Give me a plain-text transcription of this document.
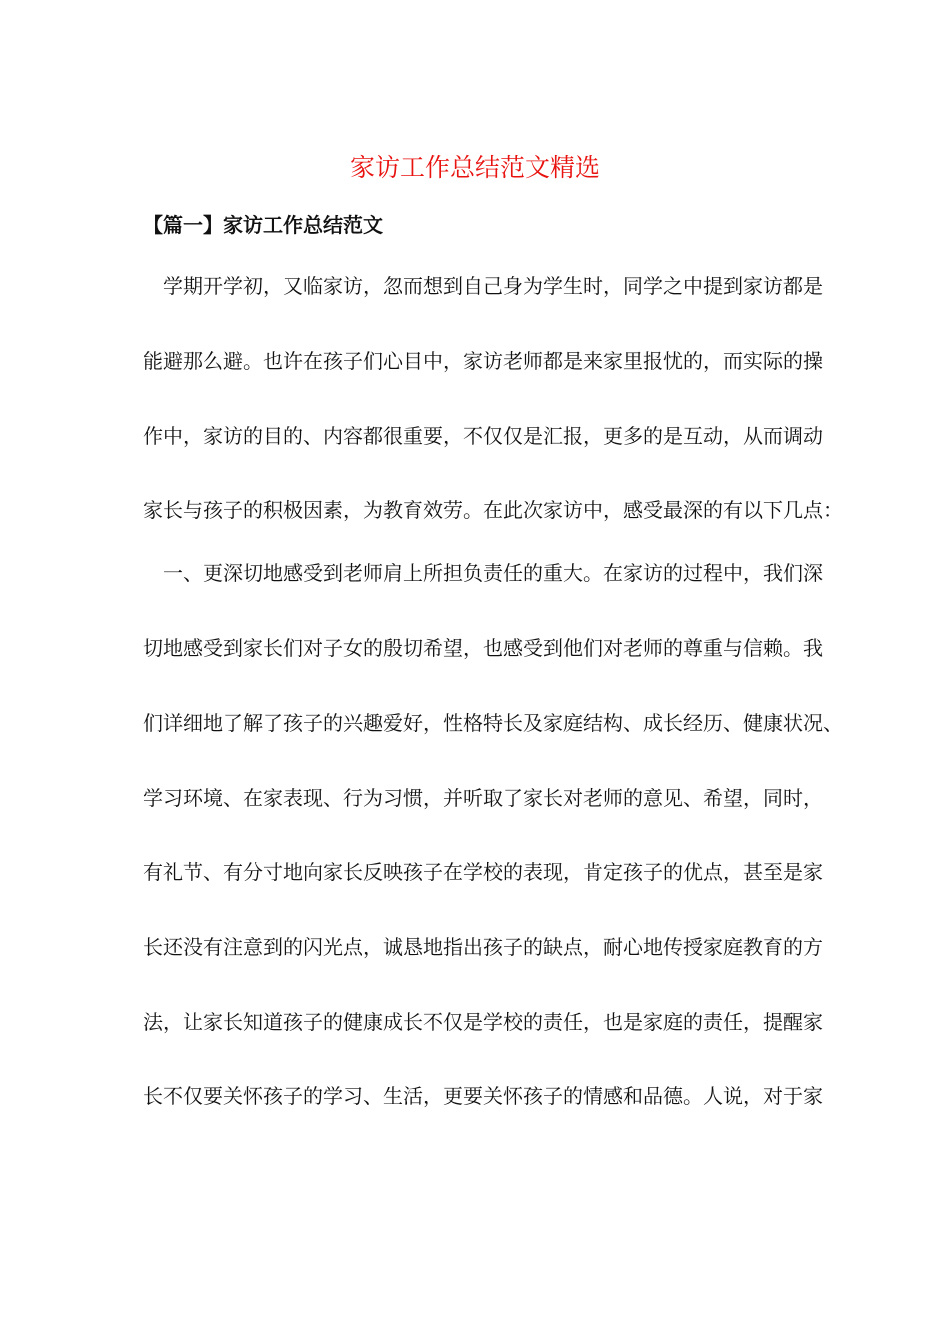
家访工作总结范文精选
【篇一】家访工作总结范文

　学期开学初，又临家访，忽而想到自己身为学生时，同学之中提到家访都是

能避那么避。也许在孩子们心目中，家访老师都是来家里报忧的，而实际的操

作中，家访的目的、内容都很重要，不仅仅是汇报，更多的是互动，从而调动

家长与孩子的积极因素，为教育效劳。在此次家访中，感受最深的有以下几点：

　一、更深切地感受到老师肩上所担负责任的重大。在家访的过程中，我们深

切地感受到家长们对子女的殷切希望，也感受到他们对老师的尊重与信赖。我

们详细地了解了孩子的兴趣爱好，性格特长及家庭结构、成长经历、健康状况、

学习环境、在家表现、行为习惯，并听取了家长对老师的意见、希望，同时，

有礼节、有分寸地向家长反映孩子在学校的表现，肯定孩子的优点，甚至是家

长还没有注意到的闪光点，诚恳地指出孩子的缺点，耐心地传授家庭教育的方

法，让家长知道孩子的健康成长不仅是学校的责任，也是家庭的责任，提醒家

长不仅要关怀孩子的学习、生活，更要关怀孩子的情感和品德。人说，对于家
